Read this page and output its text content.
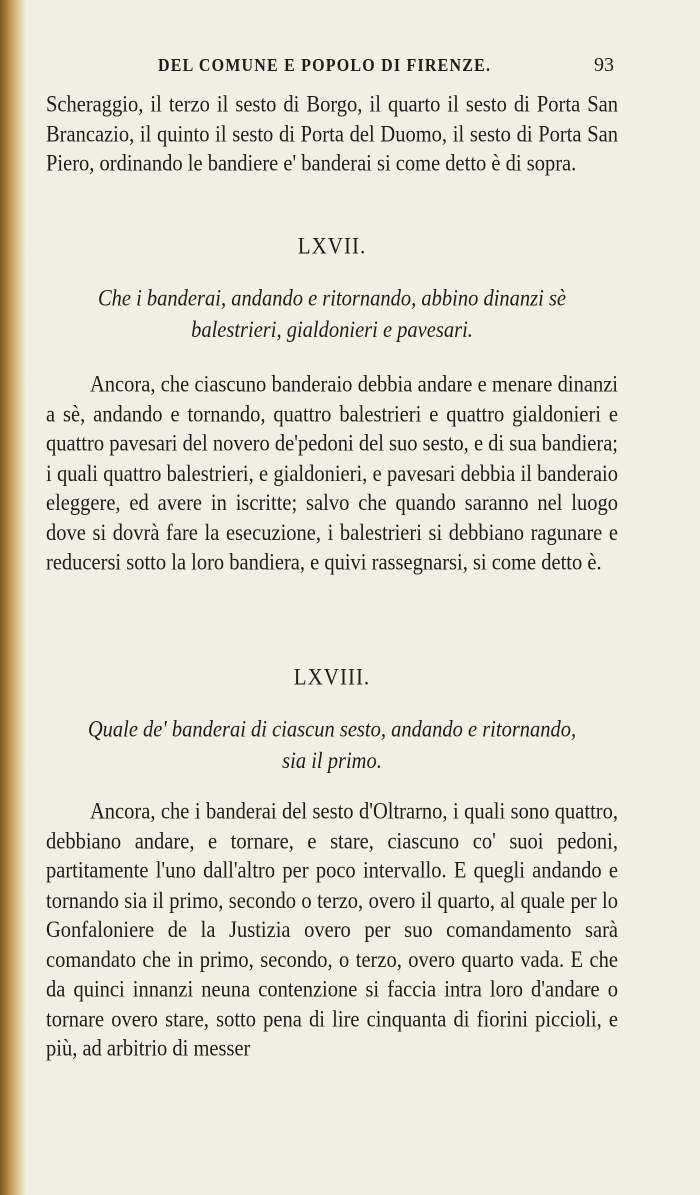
DEL COMUNE E POPOLO DI FIRENZE.	93
Scheraggio, il terzo il sesto di Borgo, il quarto il sesto di Porta San Brancazio, il quinto il sesto di Porta del Duomo, il sesto di Porta San Piero, ordinando le bandiere e' banderai si come detto è di sopra.
LXVII.
Che i banderai, andando e ritornando, abbino dinanzi sè
balestrieri, gialdonieri e pavesari.
Ancora, che ciascuno banderaio debbia andare e menare dinanzi a sè, andando e tornando, quattro balestrieri e quattro gialdonieri e quattro pavesari del novero de'pedoni del suo sesto, e di sua bandiera; i quali quattro balestrieri, e gialdonieri, e pavesari debbia il banderaio eleggere, ed avere in iscritte; salvo che quando saranno nel luogo dove si dovrà fare la esecuzione, i balestrieri si debbiano ragunare e reducersi sotto la loro bandiera, e quivi rassegnarsi, si come detto è.
LXVIII.
Quale de' banderai di ciascun sesto, andando e ritornando,
sia il primo.
Ancora, che i banderai del sesto d'Oltrarno, i quali sono quattro, debbiano andare, e tornare, e stare, ciascuno co' suoi pedoni, partitamente l'uno dall'altro per poco intervallo. E quegli andando e tornando sia il primo, secondo o terzo, overo il quarto, al quale per lo Gonfaloniere de la Justizia overo per suo comandamento sarà comandato che in primo, secondo, o terzo, overo quarto vada. E che da quinci innanzi neuna contenzione si faccia intra loro d'andare o tornare overo stare, sotto pena di lire cinquanta di fiorini piccioli, e più, ad arbitrio di messer
